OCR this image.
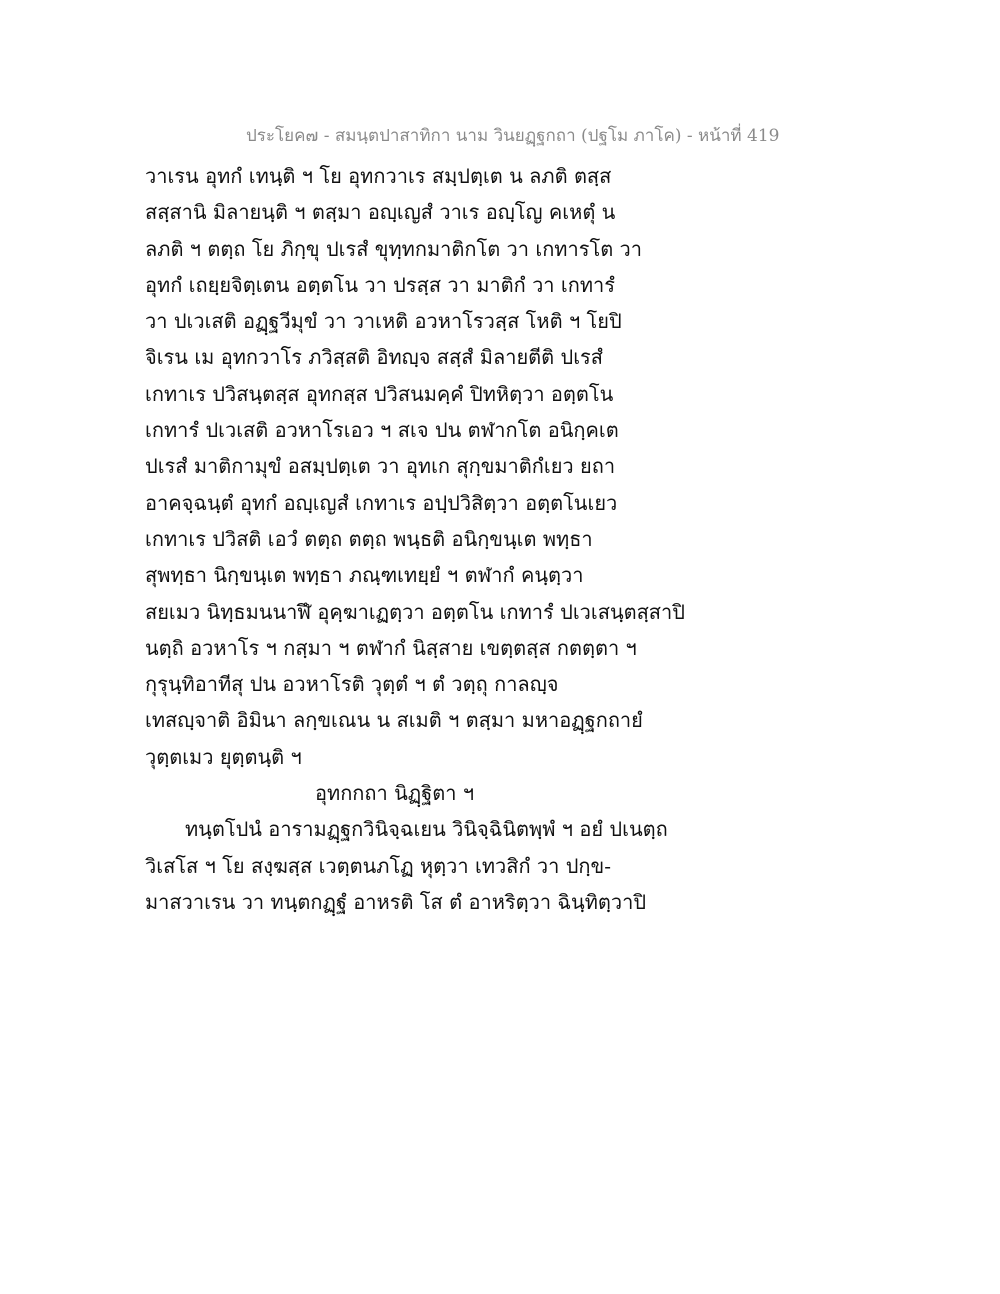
ประโยค๗ - สมนฺตปาสาทิกา นาม วินยฏฺฐกถา (ปฐโม ภาโค) - หน้าที่ 419
วาเรน อุทกํ เทนฺติ ฯ โย อุทกวาเร สมฺปตฺเต น ลภติ ตสฺส
สสฺสานิ มิลายนฺติ ฯ ตสฺมา อญฺเญสํ วาเร อญฺโญ คเหตุํ น
ลภติ ฯ ตตฺถ โย ภิกฺขุ ปเรสํ ขุทฺทกมาติกโต วา เกทารโต วา
อุทกํ เถยฺยจิตฺเตน อตฺตโน วา ปรสฺส วา มาติกํ วา เกทารํ
วา ปเวเสติ อฏฺฐวีมุขํ วา วาเหติ อวหาโรวสฺส โหติ ฯ โยปิ
จิเรน เม อุทกวาโร ภวิสฺสติ อิทญฺจ สสฺสํ มิลายตีติ ปเรสํ
เกทาเร ปวิสนฺตสฺส อุทกสฺส ปวิสนมคฺคํ ปิทหิตฺวา อตฺตโน
เกทารํ ปเวเสติ อวหาโรเอว ฯ สเจ ปน ตฬากโต อนิกฺคเต
ปเรสํ มาติกามุขํ อสมฺปตฺเต วา อุทเก สุกฺขมาติกํเยว ยถา
อาคจฺฉนฺตํ อุทกํ อญฺเญสํ เกทาเร อปฺปวิสิตฺวา อตฺตโนเยว
เกทาเร ปวิสติ เอวํ ตตฺถ ตตฺถ พนฺธติ อนิกฺขนฺเต พทฺธา
สุพทฺธา นิกฺขนฺเต พทฺธา ภณฺฑเทยฺยํ ฯ ตฬากํ คนฺตฺวา
สยเมว นิทฺธมนนาฬึ อุคฺฆาเฏตฺวา อตฺตโน เกทารํ ปเวเสนฺตสฺสาปิ
นตฺถิ อวหาโร ฯ กสฺมา ฯ ตฬากํ นิสฺสาย เขตฺตสฺส กตตฺตา ฯ
กุรุนฺทิอาทีสุ ปน อวหาโรติ วุตฺตํ ฯ ตํ วตฺถุ กาลญฺจ
เทสญฺจาติ อิมินา ลกฺขเณน น สเมติ ฯ ตสฺมา มหาอฏฺฐกถายํ
วุตฺตเมว ยุตฺตนฺติ ฯ
อุทกกถา นิฏฺฐิตา ฯ
ทนฺตโปนํ อารามฏฺฐกวินิจฺฉเยน วินิจฺฉินิตพฺพํ ฯ อยํ ปเนตฺถ
วิเสโส ฯ โย สงฺฆสฺส เวตฺตนภโฏ หุตฺวา เทวสิกํ วา ปกฺข-
มาสวาเรน วา ทนฺตกฏฺฐํ อาหรติ โส ตํ อาหริตฺวา ฉินฺทิตฺวาปิ
